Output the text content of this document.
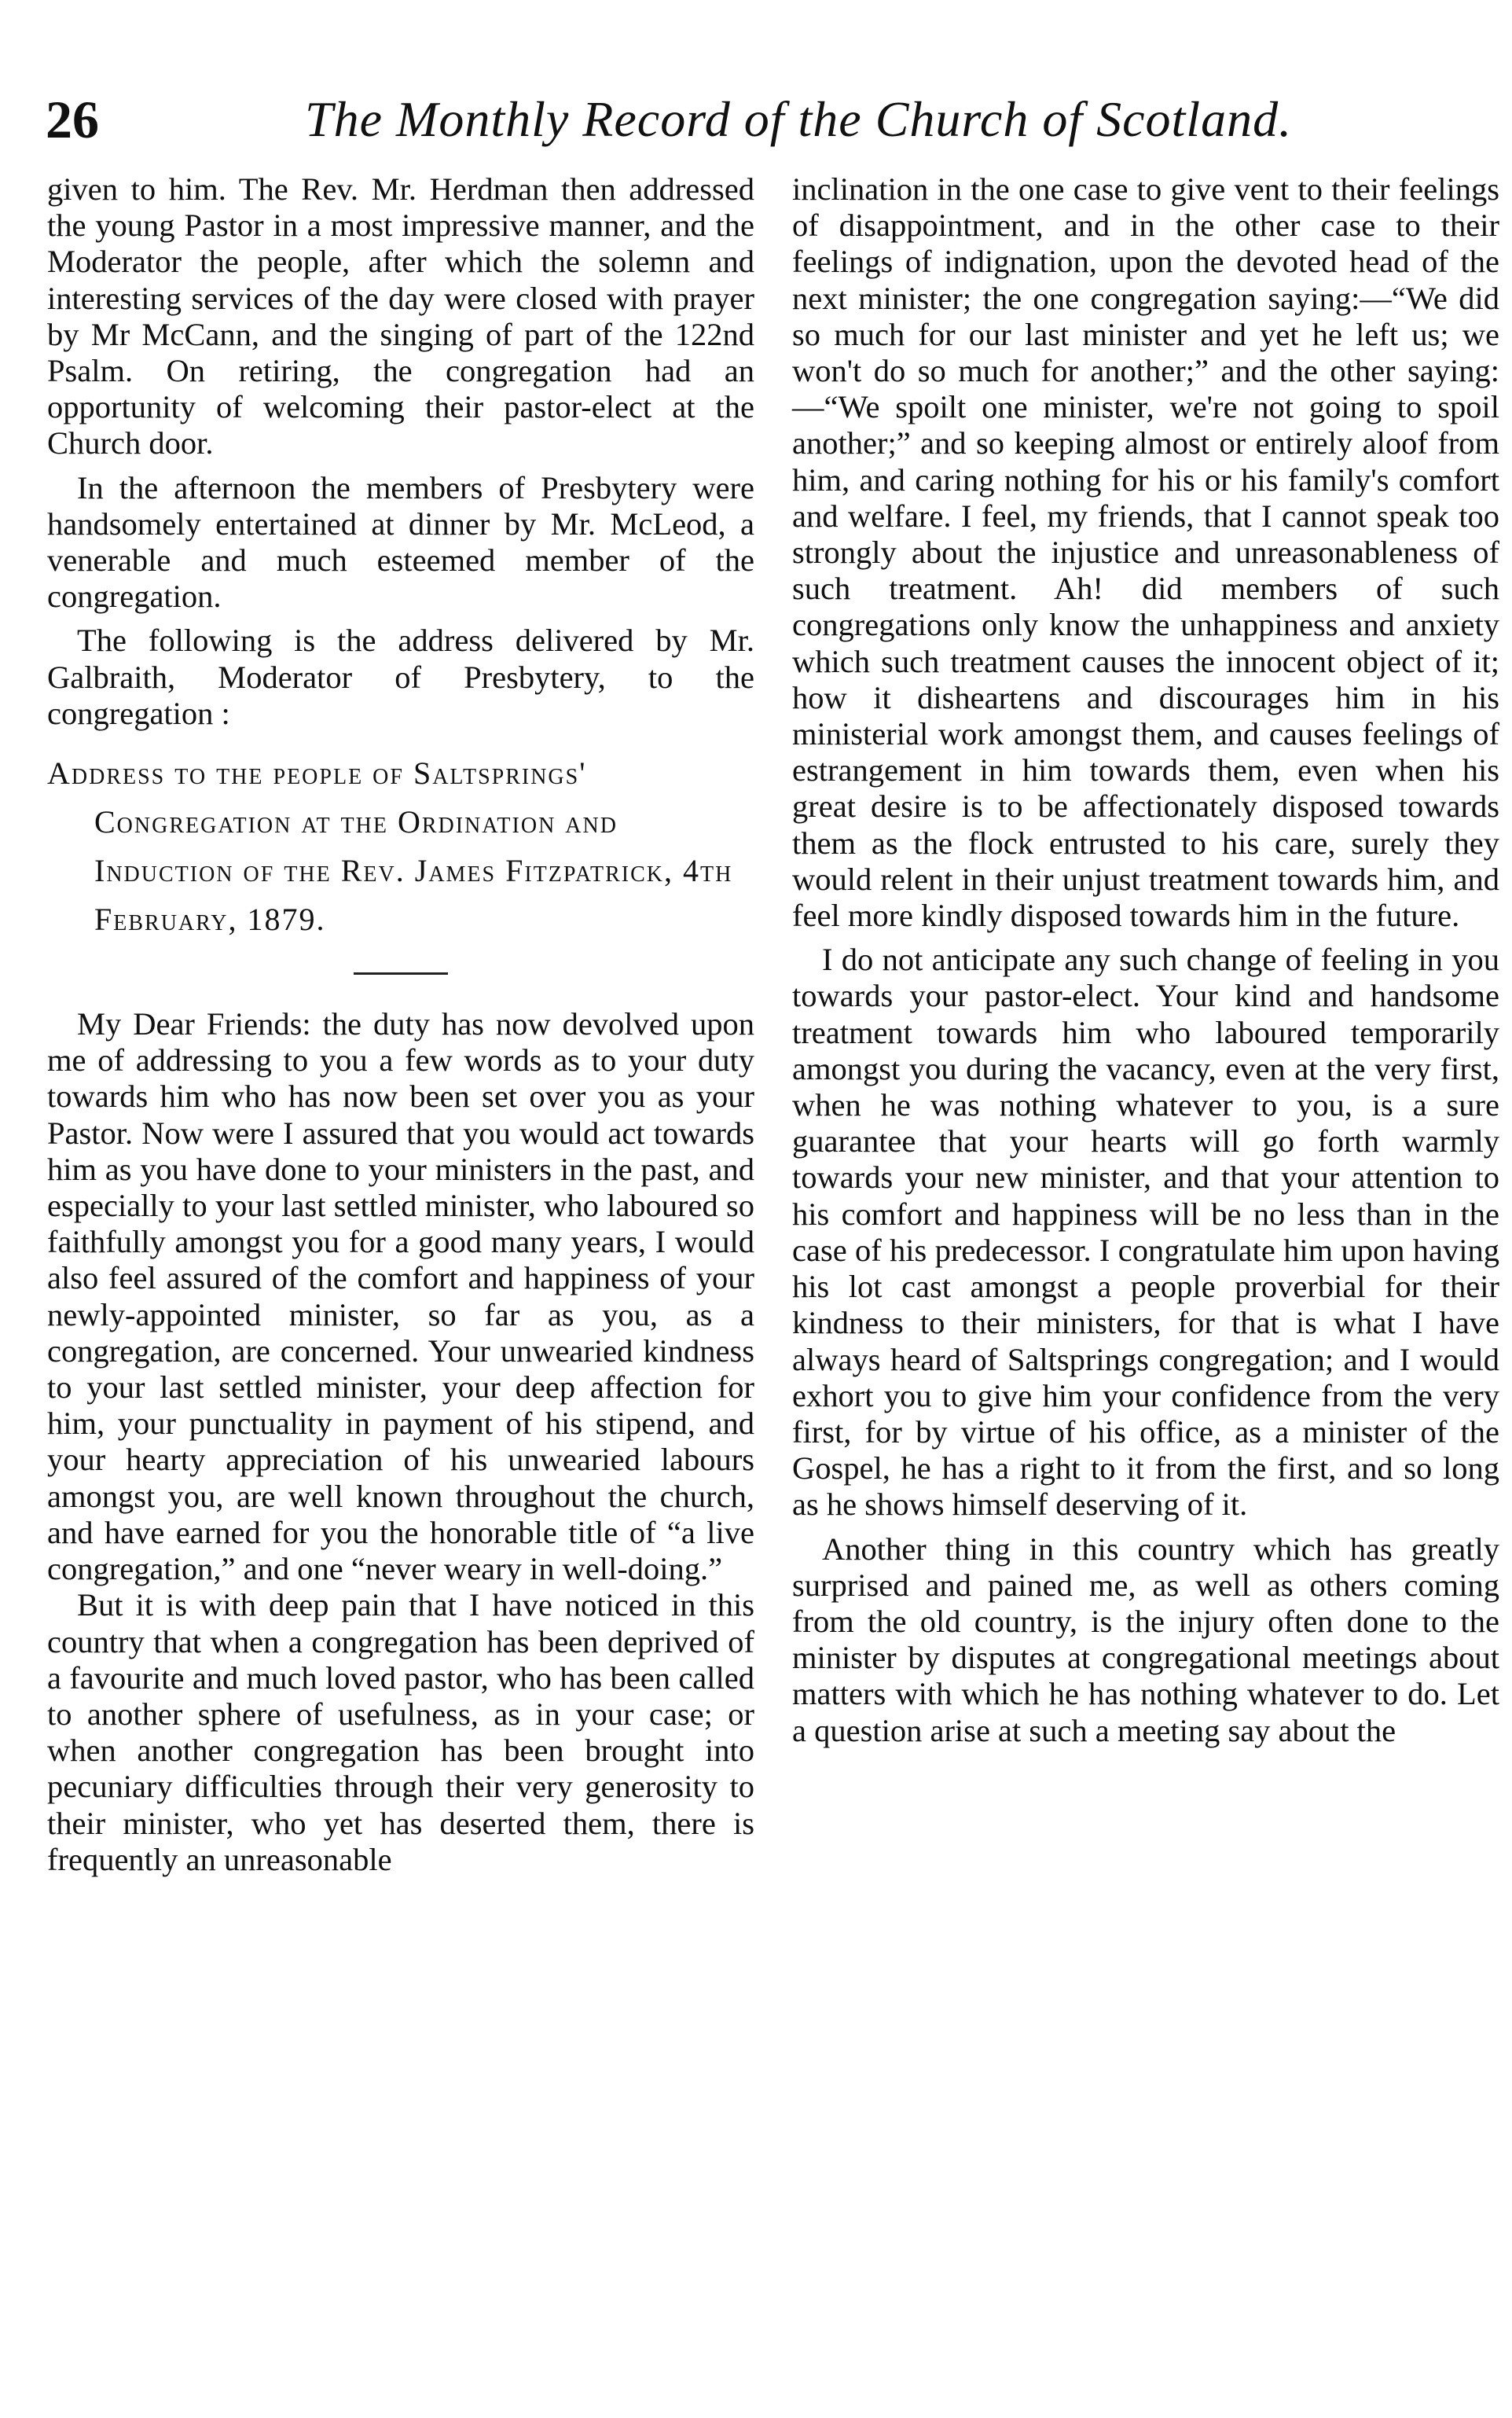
26	The Monthly Record of the Church of Scotland.

given to him. The Rev. Mr. Herdman then addressed the young Pastor in a most impressive manner, and the Moderator the people, after which the solemn and interesting services of the day were closed with prayer by Mr McCann, and the singing of part of the 122nd Psalm. On retiring, the congregation had an opportunity of welcoming their pastor-elect at the Church door.

In the afternoon the members of Presbytery were handsomely entertained at dinner by Mr. McLeod, a venerable and much esteemed member of the congregation.

The following is the address delivered by Mr. Galbraith, Moderator of Presbytery, to the congregation :

Address to the people of Saltsprings' Congregation at the Ordination and Induction of the Rev. James Fitzpatrick, 4th February, 1879.

My Dear Friends: the duty has now devolved upon me of addressing to you a few words as to your duty towards him who has now been set over you as your Pastor. Now were I assured that you would act towards him as you have done to your ministers in the past, and especially to your last settled minister, who laboured so faithfully amongst you for a good many years, I would also feel assured of the comfort and happiness of your newly-appointed minister, so far as you, as a congregation, are concerned. Your unwearied kindness to your last settled minister, your deep affection for him, your punctuality in payment of his stipend, and your hearty appreciation of his unwearied labours amongst you, are well known throughout the church, and have earned for you the honorable title of “a live congregation,” and one “never weary in well-doing.”

But it is with deep pain that I have noticed in this country that when a congregation has been deprived of a favourite and much loved pastor, who has been called to another sphere of usefulness, as in your case; or when another congregation has been brought into pecuniary difficulties through their very generosity to their minister, who yet has deserted them, there is frequently an unreasonable

inclination in the one case to give vent to their feelings of disappointment, and in the other case to their feelings of indignation, upon the devoted head of the next minister; the one congregation saying:—“We did so much for our last minister and yet he left us; we won't do so much for another;” and the other saying:—“We spoilt one minister, we're not going to spoil another;” and so keeping almost or entirely aloof from him, and caring nothing for his or his family's comfort and welfare. I feel, my friends, that I cannot speak too strongly about the injustice and unreasonableness of such treatment. Ah! did members of such congregations only know the unhappiness and anxiety which such treatment causes the innocent object of it; how it disheartens and discourages him in his ministerial work amongst them, and causes feelings of estrangement in him towards them, even when his great desire is to be affectionately disposed towards them as the flock entrusted to his care, surely they would relent in their unjust treatment towards him, and feel more kindly disposed towards him in the future.

I do not anticipate any such change of feeling in you towards your pastor-elect. Your kind and handsome treatment towards him who laboured temporarily amongst you during the vacancy, even at the very first, when he was nothing whatever to you, is a sure guarantee that your hearts will go forth warmly towards your new minister, and that your attention to his comfort and happiness will be no less than in the case of his predecessor. I congratulate him upon having his lot cast amongst a people proverbial for their kindness to their ministers, for that is what I have always heard of Saltsprings congregation; and I would exhort you to give him your confidence from the very first, for by virtue of his office, as a minister of the Gospel, he has a right to it from the first, and so long as he shows himself deserving of it.

Another thing in this country which has greatly surprised and pained me, as well as others coming from the old country, is the injury often done to the minister by disputes at congregational meetings about matters with which he has nothing whatever to do. Let a question arise at such a meeting say about the
